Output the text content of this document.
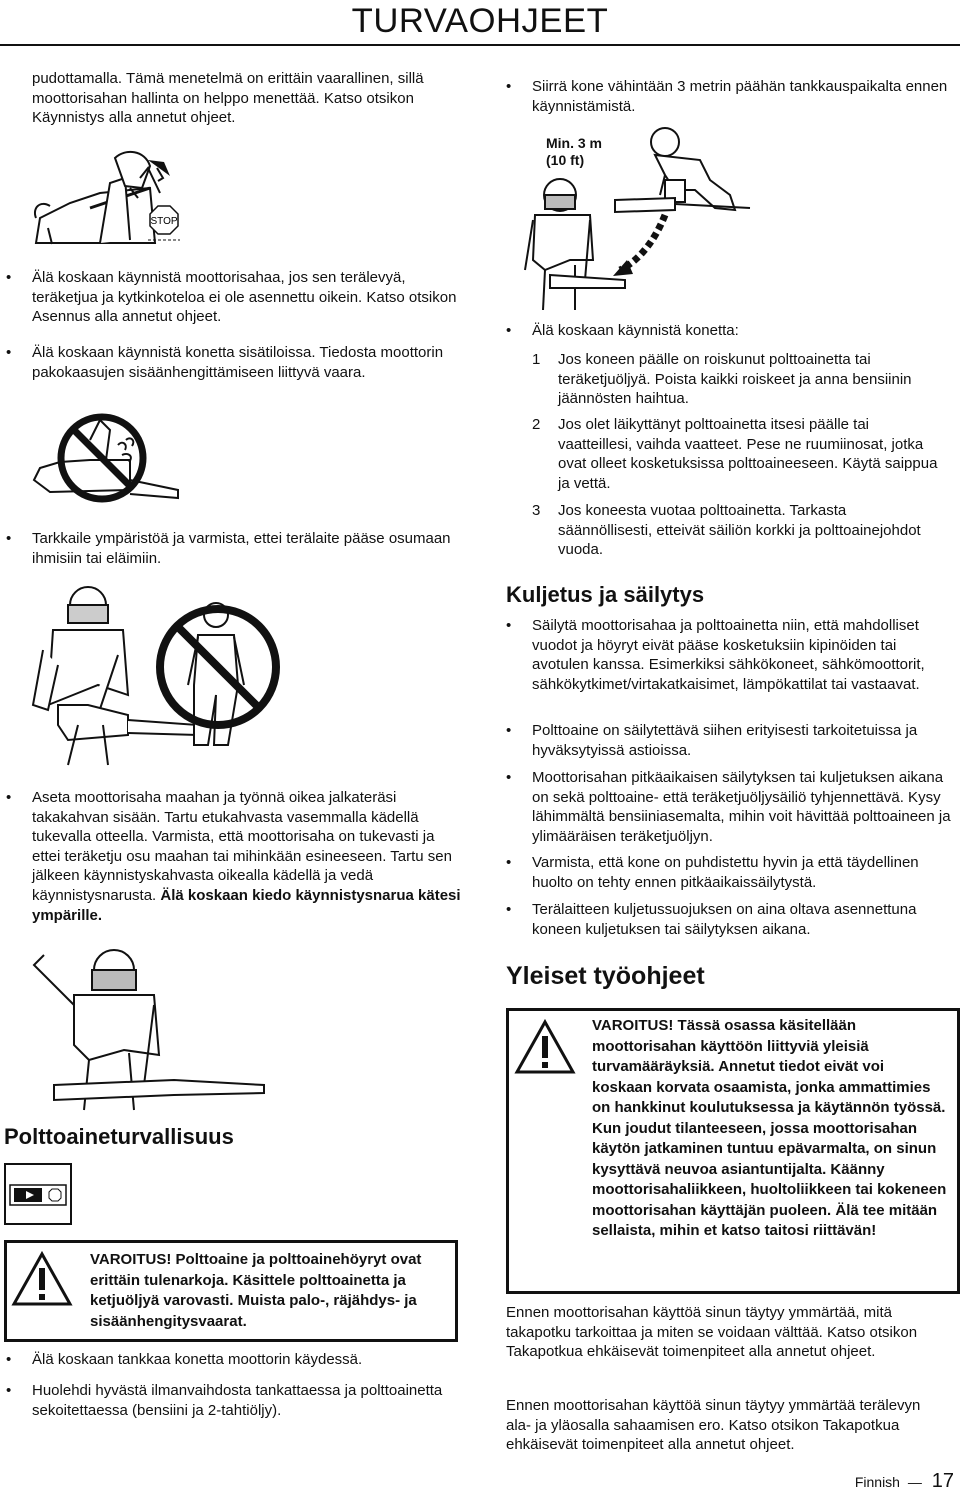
TURVAOHJEET
pudottamalla. Tämä menetelmä on erittäin vaarallinen, sillä moottorisahan hallinta on helppo menettää. Katso otsikon Käynnistys alla annetut ohjeet.
STOP
• Älä koskaan käynnistä moottorisahaa, jos sen terälevyä, teräketjua ja kytkinkoteloa ei ole asennettu oikein. Katso otsikon Asennus alla annetut ohjeet.
• Älä koskaan käynnistä konetta sisätiloissa. Tiedosta moottorin pakokaasujen sisäänhengittämiseen liittyvä vaara.
• Tarkkaile ympäristöä ja varmista, ettei terälaite pääse osumaan ihmisiin tai eläimiin.
• Aseta moottorisaha maahan ja työnnä oikea jalkateräsi takakahvan sisään. Tartu etukahvasta vasemmalla kädellä tukevalla otteella. Varmista, että moottorisaha on tukevasti ja ettei teräketju osu maahan tai mihinkään esineeseen. Tartu sen jälkeen käynnistyskahvasta oikealla kädellä ja vedä käynnistysnarusta. Älä koskaan kiedo käynnistysnarua kätesi ympärille.
Polttoaineturvallisuus
VAROITUS! Polttoaine ja polttoainehöyryt ovat erittäin tulenarkoja. Käsittele polttoainetta ja ketjuöljyä varovasti. Muista palo-, räjähdys- ja sisäänhengitysvaarat.
• Älä koskaan tankkaa konetta moottorin käydessä.
• Huolehdi hyvästä ilmanvaihdosta tankattaessa ja polttoainetta sekoitettaessa (bensiini ja 2-tahtiöljy).
• Siirrä kone vähintään 3 metrin päähän tankkauspaikalta ennen käynnistämistä.
Min. 3 m
(10 ft)
• Älä koskaan käynnistä konetta:
1 Jos koneen päälle on roiskunut polttoainetta tai teräketjuöljyä. Poista kaikki roiskeet ja anna bensiinin jäännösten haihtua.
2 Jos olet läikyttänyt polttoainetta itsesi päälle tai vaatteillesi, vaihda vaatteet. Pese ne ruumiinosat, jotka ovat olleet kosketuksissa polttoaineeseen. Käytä saippua ja vettä.
3 Jos koneesta vuotaa polttoainetta. Tarkasta säännöllisesti, etteivät säiliön korkki ja polttoainejohdot vuoda.
Kuljetus ja säilytys
• Säilytä moottorisahaa ja polttoainetta niin, että mahdolliset vuodot ja höyryt eivät pääse kosketuksiin kipinöiden tai avotulen kanssa. Esimerkiksi sähkökoneet, sähkömoottorit, sähkökytkimet/virtakatkaisimet, lämpökattilat tai vastaavat.
• Polttoaine on säilytettävä siihen erityisesti tarkoitetuissa ja hyväksytyissä astioissa.
• Moottorisahan pitkäaikaisen säilytyksen tai kuljetuksen aikana on sekä polttoaine- että teräketjuöljysäiliö tyhjennettävä. Kysy lähimmältä bensiiniasemalta, mihin voit hävittää polttoaineen ja ylimääräisen teräketjuöljyn.
• Varmista, että kone on puhdistettu hyvin ja että täydellinen huolto on tehty ennen pitkäaikaissäilytystä.
• Terälaitteen kuljetussuojuksen on aina oltava asennettuna koneen kuljetuksen tai säilytyksen aikana.
Yleiset työohjeet
VAROITUS! Tässä osassa käsitellään moottorisahan käyttöön liittyviä yleisiä turvamääräyksiä. Annetut tiedot eivät voi koskaan korvata osaamista, jonka ammattimies on hankkinut koulutuksessa ja käytännön työssä. Kun joudut tilanteeseen, jossa moottorisahan käytön jatkaminen tuntuu epävarmalta, on sinun kysyttävä neuvoa asiantuntijalta. Käänny moottorisahaliikkeen, huoltoliikkeen tai kokeneen moottorisahan käyttäjän puoleen. Älä tee mitään sellaista, mihin et katso taitosi riittävän!
Ennen moottorisahan käyttöä sinun täytyy ymmärtää, mitä takapotku tarkoittaa ja miten se voidaan välttää. Katso otsikon Takapotkua ehkäisevät toimenpiteet alla annetut ohjeet.
Ennen moottorisahan käyttöä sinun täytyy ymmärtää terälevyn ala- ja yläosalla sahaamisen ero. Katso otsikon Takapotkua ehkäisevät toimenpiteet alla annetut ohjeet.
Finnish — 17
